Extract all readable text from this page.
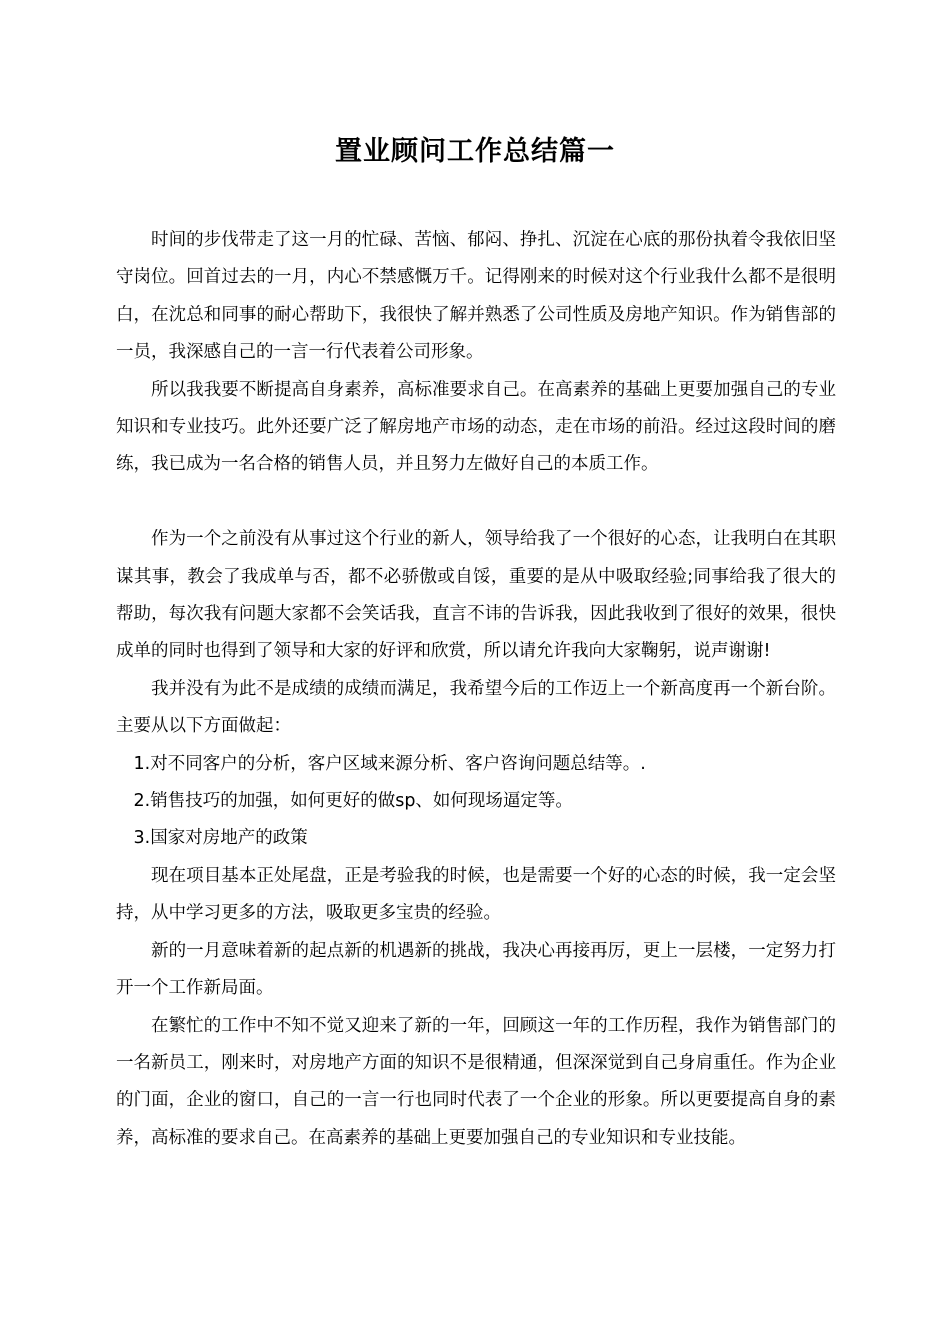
置业顾问工作总结篇一

时间的步伐带走了这一月的忙碌、苦恼、郁闷、挣扎、沉淀在心底的那份执着令我依旧坚守岗位。回首过去的一月，内心不禁感慨万千。记得刚来的时候对这个行业我什么都不是很明白，在沈总和同事的耐心帮助下，我很快了解并熟悉了公司性质及房地产知识。作为销售部的一员，我深感自己的一言一行代表着公司形象。

所以我我要不断提高自身素养，高标准要求自己。在高素养的基础上更要加强自己的专业知识和专业技巧。此外还要广泛了解房地产市场的动态，走在市场的前沿。经过这段时间的磨练，我已成为一名合格的销售人员，并且努力左做好自己的本质工作。

作为一个之前没有从事过这个行业的新人，领导给我了一个很好的心态，让我明白在其职谋其事，教会了我成单与否，都不必骄傲或自馁，重要的是从中吸取经验;同事给我了很大的帮助，每次我有问题大家都不会笑话我，直言不讳的告诉我，因此我收到了很好的效果，很快成单的同时也得到了领导和大家的好评和欣赏，所以请允许我向大家鞠躬，说声谢谢!

我并没有为此不是成绩的成绩而满足，我希望今后的工作迈上一个新高度再一个新台阶。主要从以下方面做起：

1.对不同客户的分析，客户区域来源分析、客户咨询问题总结等。.

2.销售技巧的加强，如何更好的做sp、如何现场逼定等。

3.国家对房地产的政策

现在项目基本正处尾盘，正是考验我的时候，也是需要一个好的心态的时候，我一定会坚持，从中学习更多的方法，吸取更多宝贵的经验。

新的一月意味着新的起点新的机遇新的挑战，我决心再接再厉，更上一层楼，一定努力打开一个工作新局面。

在繁忙的工作中不知不觉又迎来了新的一年，回顾这一年的工作历程，我作为销售部门的一名新员工，刚来时，对房地产方面的知识不是很精通，但深深觉到自己身肩重任。作为企业的门面，企业的窗口，自己的一言一行也同时代表了一个企业的形象。所以更要提高自身的素养，高标准的要求自己。在高素养的基础上更要加强自己的专业知识和专业技能。
